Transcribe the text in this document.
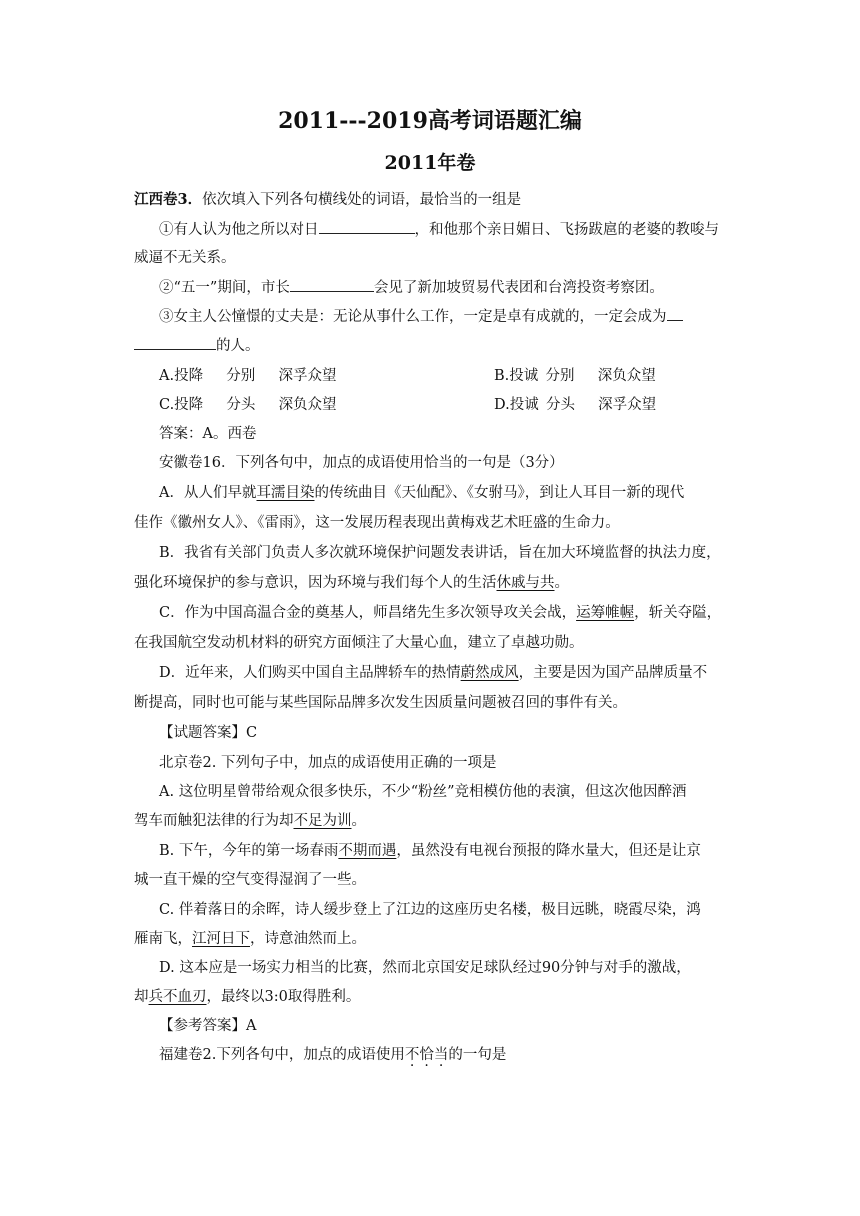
2011---2019高考词语题汇编
2011年卷
江西卷3．依次填入下列各句横线处的词语，最恰当的一组是
①有人认为他之所以对日	，和他那个亲日媚日、飞扬跋扈的老婆的教唆与
威逼不无关系。
②“五一”期间，市长	会见了新加坡贸易代表团和台湾投资考察团。
③女主人公憧憬的丈夫是：无论从事什么工作，一定是卓有成就的，一定会成为
的人。
A.投降 分别 深孚众望	B.投诚 分别 深负众望
C.投降 分头 深负众望	D.投诚 分头 深孚众望
答案：A。西卷
安徽卷16．下列各句中，加点的成语使用恰当的一句是（3分）
A．从人们早就耳濡目染的传统曲目《天仙配》、《女驸马》，到让人耳目一新的现代
佳作《徽州女人》、《雷雨》，这一发展历程表现出黄梅戏艺术旺盛的生命力。
B．我省有关部门负责人多次就环境保护问题发表讲话，旨在加大环境监督的执法力度，
强化环境保护的参与意识，因为环境与我们每个人的生活休戚与共。
C．作为中国高温合金的奠基人，师昌绪先生多次领导攻关会战，运筹帷幄，斩关夺隘，
在我国航空发动机材料的研究方面倾注了大量心血，建立了卓越功勋。
D．近年来，人们购买中国自主品牌轿车的热情蔚然成风，主要是因为国产品牌质量不
断提高，同时也可能与某些国际品牌多次发生因质量问题被召回的事件有关。
【试题答案】C
北京卷2. 下列句子中，加点的成语使用正确的一项是
A. 这位明星曾带给观众很多快乐，不少“粉丝”竞相模仿他的表演，但这次他因醉酒
驾车而触犯法律的行为却不足为训。
B. 下午，今年的第一场春雨不期而遇，虽然没有电视台预报的降水量大，但还是让京
城一直干燥的空气变得湿润了一些。
C. 伴着落日的余晖，诗人缓步登上了江边的这座历史名楼，极目远眺，晓霞尽染，鸿
雁南飞，江河日下，诗意油然而上。
D. 这本应是一场实力相当的比赛，然而北京国安足球队经过90分钟与对手的激战，
却兵不血刃，最终以3:0取得胜利。
【参考答案】A
福建卷2.下列各句中，加点的成语使用不恰当的一句是
